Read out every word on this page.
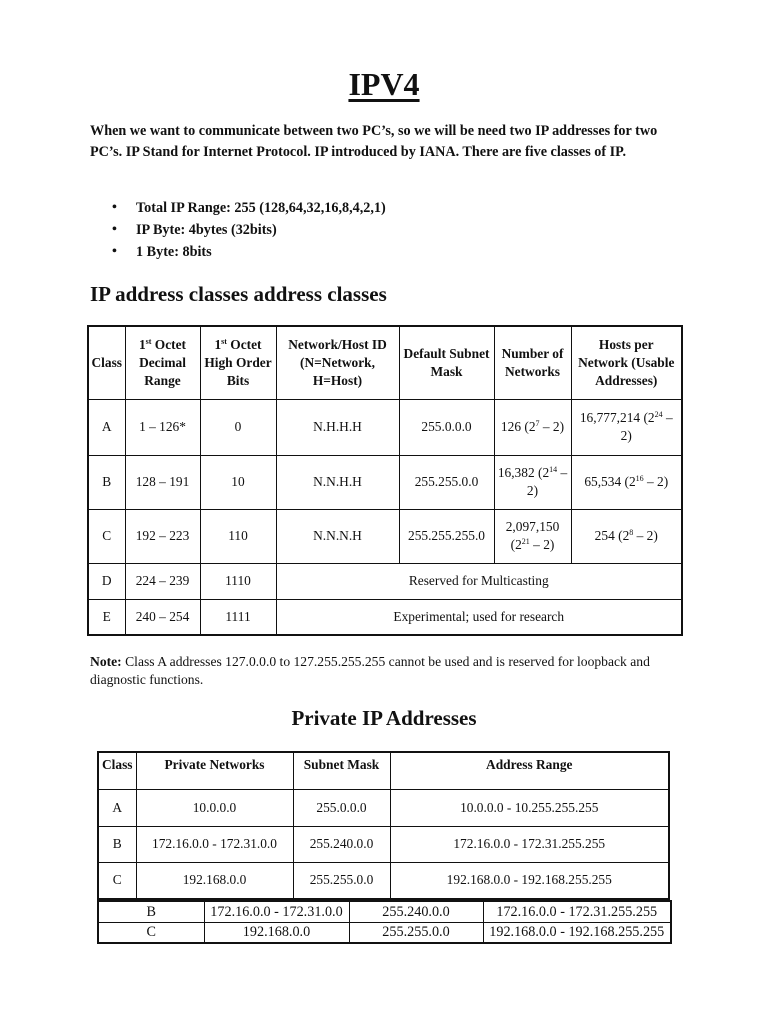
IPV4
When we want to communicate between two PC’s, so we will be need two IP addresses for two PC’s. IP Stand for Internet Protocol. IP introduced by IANA. There are five classes of IP.
• Total IP Range: 255 (128,64,32,16,8,4,2,1)
• IP Byte: 4bytes (32bits)
• 1 Byte: 8bits
IP address classes address classes
Class	1st Octet Decimal Range	1st Octet High Order Bits	Network/Host ID (N=Network, H=Host)	Default Subnet Mask	Number of Networks	Hosts per Network (Usable Addresses)
A	1 – 126*	0	N.H.H.H	255.0.0.0	126 $(2^7 - 2)$	16,777,214 $(2^{24} - 2)$
B	128 – 191	10	N.N.H.H	255.255.0.0	16,382 $(2^{14} - 2)$	65,534 $(2^{16} - 2)$
C	192 – 223	110	N.N.N.H	255.255.255.0	2,097,150 $(2^{21} - 2)$	254 $(2^8 - 2)$
D	224 – 239	1110	Reserved for Multicasting			
E	240 – 254	1111	Experimental; used for research			
Note: Class A addresses 127.0.0.0 to 127.255.255.255 cannot be used and is reserved for loopback and diagnostic functions.
Private IP Addresses
Class	Private Networks	Subnet Mask	Address Range
A	10.0.0.0	255.0.0.0	10.0.0.0 - 10.255.255.255
B	172.16.0.0 - 172.31.0.0	255.240.0.0	172.16.0.0 - 172.31.255.255
C	192.168.0.0	255.255.0.0	192.168.0.0 - 192.168.255.255
B	172.16.0.0 - 172.31.0.0	255.240.0.0	172.16.0.0 - 172.31.255.255
C	192.168.0.0	255.255.0.0	192.168.0.0 - 192.168.255.255
